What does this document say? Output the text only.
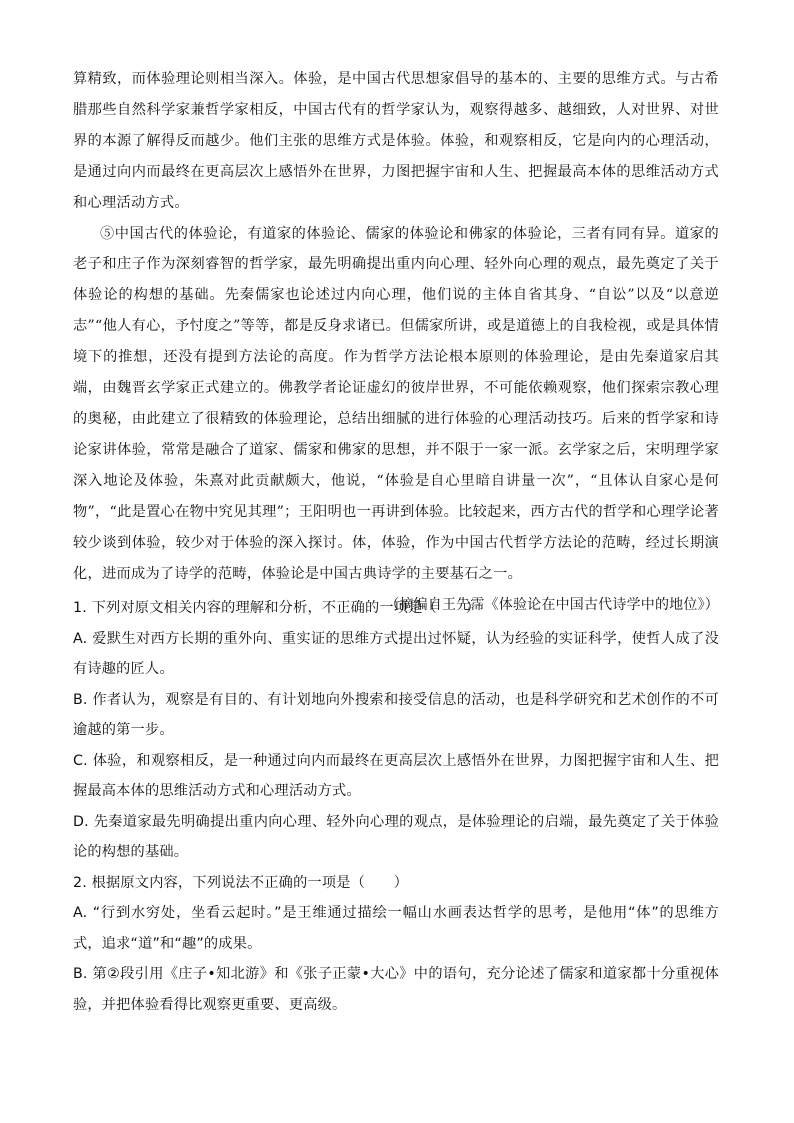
算精致，而体验理论则相当深入。体验，是中国古代思想家倡导的基本的、主要的思维方式。与古希腊那些自然科学家兼哲学家相反，中国古代有的哲学家认为，观察得越多、越细致，人对世界、对世界的本源了解得反而越少。他们主张的思维方式是体验。体验，和观察相反，它是向内的心理活动，是通过向内而最终在更高层次上感悟外在世界，力图把握宇宙和人生、把握最高本体的思维活动方式和心理活动方式。

⑤中国古代的体验论，有道家的体验论、儒家的体验论和佛家的体验论，三者有同有异。道家的老子和庄子作为深刻睿智的哲学家，最先明确提出重内向心理、轻外向心理的观点，最先奠定了关于体验论的构想的基础。先秦儒家也论述过内向心理，他们说的主体自省其身、“自讼”以及“以意逆志”“他人有心，予忖度之”等等，都是反身求诸已。但儒家所讲，或是道德上的自我检视，或是具体情境下的推想，还没有提到方法论的高度。作为哲学方法论根本原则的体验理论，是由先秦道家启其端，由魏晋玄学家正式建立的。佛教学者论证虚幻的彼岸世界，不可能依赖观察，他们探索宗教心理的奥秘，由此建立了很精致的体验理论，总结出细腻的进行体验的心理活动技巧。后来的哲学家和诗论家讲体验，常常是融合了道家、儒家和佛家的思想，并不限于一家一派。玄学家之后，宋明理学家深入地论及体验，朱熹对此贡献颇大，他说，“体验是自心里暗自讲量一次”，“且体认自家心是何物”，“此是置心在物中究见其理”；王阳明也一再讲到体验。比较起来，西方古代的哲学和心理学论著较少谈到体验，较少对于体验的深入探讨。体，体验，作为中国古代哲学方法论的范畴，经过长期演化，进而成为了诗学的范畴，体验论是中国古典诗学的主要基石之一。

（摘编自王先霈《体验论在中国古代诗学中的地位》）

1. 下列对原文相关内容的理解和分析，不正确的一项是（　　）

A. 爱默生对西方长期的重外向、重实证的思维方式提出过怀疑，认为经验的实证科学，使哲人成了没有诗趣的匠人。

B. 作者认为，观察是有目的、有计划地向外搜索和接受信息的活动，也是科学研究和艺术创作的不可逾越的第一步。

C. 体验，和观察相反，是一种通过向内而最终在更高层次上感悟外在世界，力图把握宇宙和人生、把握最高本体的思维活动方式和心理活动方式。

D. 先秦道家最先明确提出重内向心理、轻外向心理的观点，是体验理论的启端，最先奠定了关于体验论的构想的基础。

2. 根据原文内容，下列说法不正确的一项是（　　）

A. “行到水穷处，坐看云起时。”是王维通过描绘一幅山水画表达哲学的思考，是他用“体”的思维方式，追求“道”和“趣”的成果。

B. 第②段引用《庄子•知北游》和《张子正蒙•大心》中的语句，充分论述了儒家和道家都十分重视体验，并把体验看得比观察更重要、更高级。
